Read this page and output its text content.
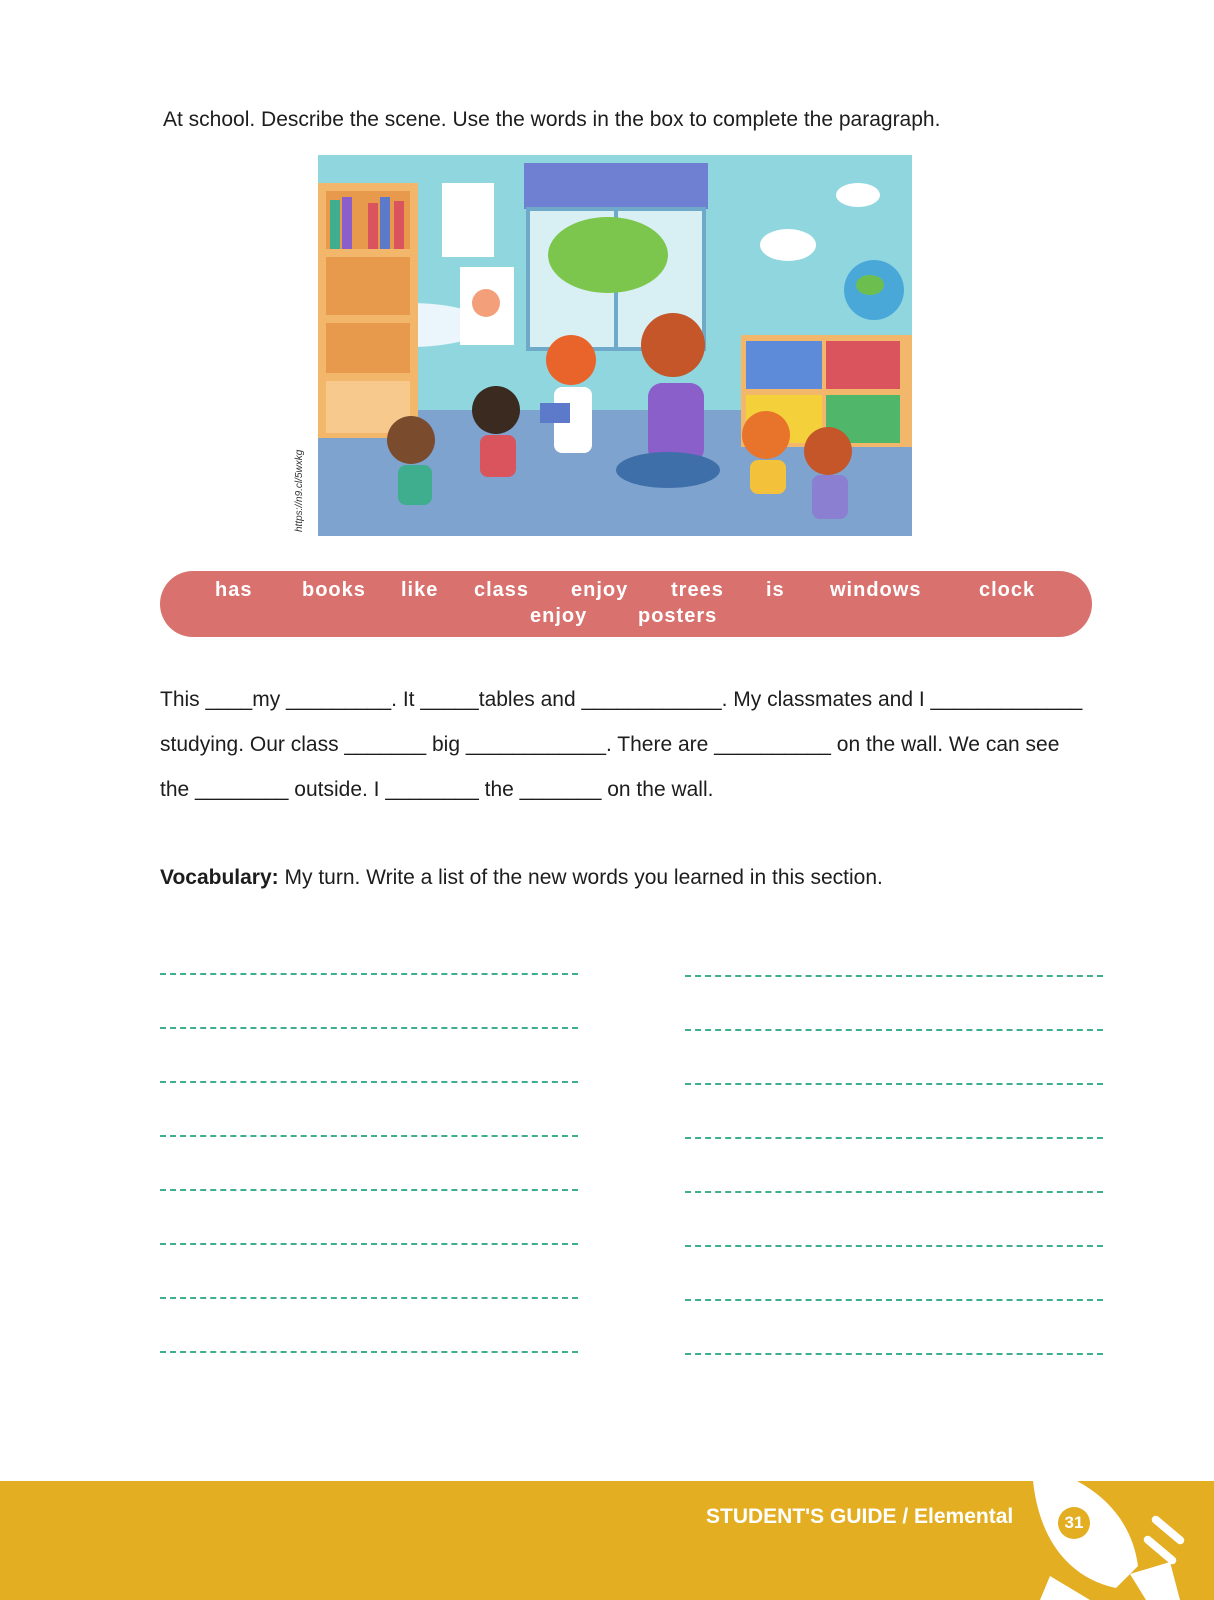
At school. Describe the scene. Use the words in the box to complete the paragraph.
https://n9.cl/5wxkg
has books like class enjoy trees is windows	clock
enjoy	posters
This ____my _________. It _____tables and ____________. My classmates and I _____________
studying. Our class _______ big ____________. There are __________ on the wall. We can see
the ________ outside. I ________ the _______ on the wall.
Vocabulary: My turn. Write a list of the new words you learned in this section.
STUDENT'S GUIDE / Elemental	31
